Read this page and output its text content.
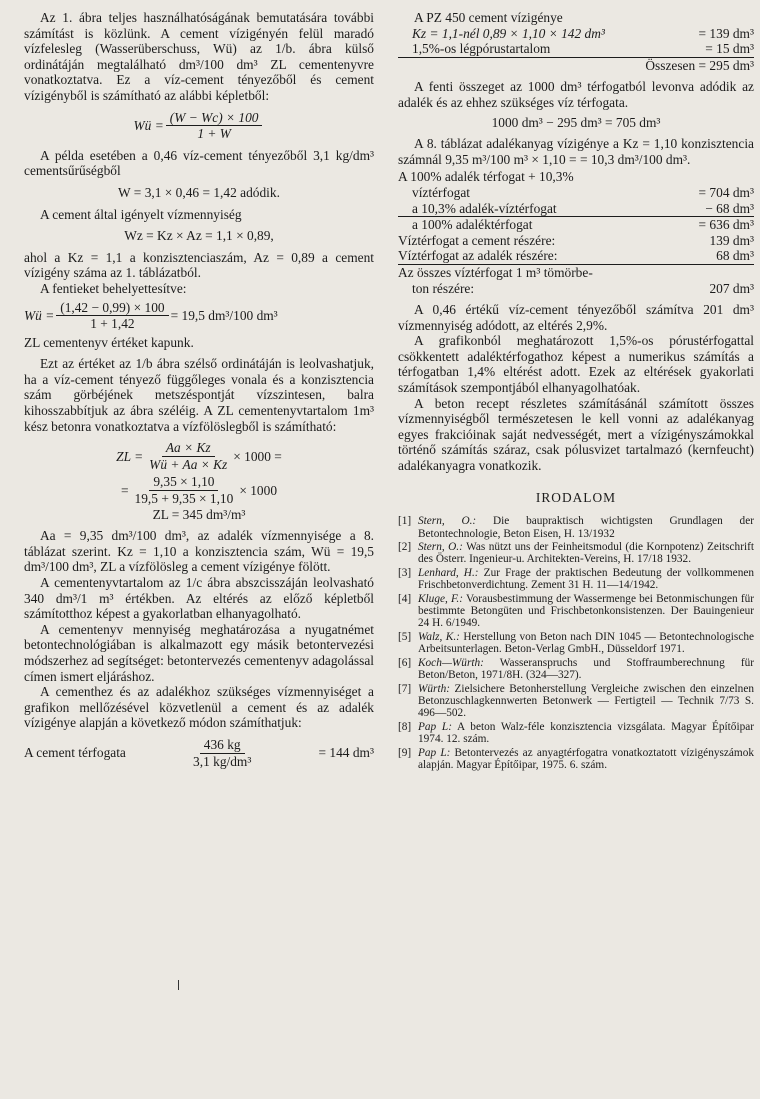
Az 1. ábra teljes használhatóságának bemutatására további számítást is közlünk. A cement vízigényén felül maradó vízfelesleg (Wasserüberschuss, Wü) az 1/b. ábra külső ordinátáján megtalálható dm³/100 dm³ ZL cementenyvre vonatkoztatva. Ez a víz-cement tényezőből és cement vízigényből is számítható az alábbi képletből:

Wü = $\frac{(W - Wc) \times 100}{1 + W}$

A példa esetében a 0,46 víz-cement tényezőből 3,1 kg/dm³ cementsűrűségből

W = 3,1 × 0,46 = 1,42 adódik.

A cement által igényelt vízmennyiség

Wz = Kz × Az = 1,1 × 0,89,

ahol a Kz = 1,1 a konzisztenciaszám, Az = 0,89 a cement vízigény száma az 1. táblázatból.

A fentieket behelyettesítve:

Wü = $\frac{(1,42 - 0,99) \times 100}{1 + 1,42} = 19,5$ dm³/100 dm³

ZL cementenyv értéket kapunk.

Ezt az értéket az 1/b ábra szélső ordinátáján is leolvashatjuk, ha a víz-cement tényező függőleges vonala és a konzisztencia szám görbéjének metszéspontját vízszintesen, balra kihosszabbítjuk az ábra széléig. A ZL cementenyvtartalom 1m³ kész betonra vonatkoztatva a vízfölöslegből is számítható:

ZL = $\frac{Aa \times Kz}{Wü + Aa \times Kz} \times 1000$ =
= $\frac{9,35 \times 1,10}{19,5 + 9,35 \times 1,10} \times 1000$

ZL = 345 dm³/m³

Aa = 9,35 dm³/100 dm³, az adalék vízmennyisége a 8. táblázat szerint. Kz = 1,10 a konzisztencia szám, Wü = 19,5 dm³/100 dm³, ZL a vízfölösleg a cement vízigénye fölött.

A cementenyvtartalom az 1/c ábra abszcisszáján leolvasható 340 dm³/1 m³ értékben. Az eltérés az előző képletből számítotthoz képest a gyakorlatban elhanyagolható.

A cementenyv mennyiség meghatározása a nyugatnémet betontechnológiában is alkalmazott egy másik betontervezési módszerhez ad segítséget: betontervezés cementenyv adagolással címen ismert eljáráshoz.

A cementhez és az adalékhoz szükséges vízmennyiséget a grafikon mellőzésével közvetlenül a cement és az adalék vízigénye alapján a következő módon számíthatjuk:

A cement térfogata	$\frac{436 kg}{\text{3,1 kg/dm³}}$	= 144 dm³

A PZ 450 cement vízigénye

Kz = 1,1-nél 0,89 × 1,10 × 142 dm³	= 139 dm³
1,5%-os légpórustartalom	= 15 dm³

Összesen = 295 dm³

A fenti összeget az 1000 dm³ térfogatból levonva adódik az adalék és az ehhez szükséges víz térfogata.

1000 dm³ − 295 dm³ = 705 dm³

A 8. táblázat adalékanyag vízigénye a Kz = 1,10 konzisztencia számnál 9,35 m³/100 m³ × 1,10 = = 10,3 dm³/100 dm³.

A 100% adalék térfogat + 10,3%

víztérfogat	= 704 dm³
a 10,3% adalék-víztérfogat	− 68 dm³
a 100% adaléktérfogat	= 636 dm³
Víztérfogat a cement részére:	139 dm³
Víztérfogat az adalék részére:	68 dm³

Az összes víztérfogat 1 m³ tömörbe-

ton részére:	207 dm³

A 0,46 értékű víz-cement tényezőből számítva 201 dm³ vízmennyiség adódott, az eltérés 2,9%.

A grafikonból meghatározott 1,5%-os pórustérfogattal csökkentett adaléktérfogathoz képest a numerikus számítás a térfogatban 1,4% eltérést adott. Ezek az eltérések gyakorlati számítások szempontjából elhanyagolhatóak.

A beton recept részletes számításánál számított összes vízmennyiségből természetesen le kell vonni az adalékanyag egyes frakcióinak saját nedvességét, mert a vízigényszámokkal történő számítás száraz, csak pólusvizet tartalmazó (kernfeucht) adalékanyagra vonatkozik.

IRODALOM
[1] Stern, O.: Die baupraktisch wichtigsten Grundlagen der Betontechnologie, Beton Eisen, H. 13/1932
[2] Stern, O.: Was nützt uns der Feinheitsmodul (die Kornpotenz) Zeitschrift des Österr. Ingenieur-u. Architekten-Vereins, H. 17/18 1932.
[3] Lenhard, H.: Zur Frage der praktischen Bedeutung der vollkommenen Frischbetonverdichtung. Zement 31 H. 11—14/1942.
[4] Kluge, F.: Vorausbestimmung der Wassermenge bei Betonmischungen für bestimmte Betongüten und Frischbetonkonsistenzen. Der Bauingenieur 24 H. 6/1949.
[5] Walz, K.: Herstellung von Beton nach DIN 1045 — Betontechnologische Arbeitsunterlagen. Beton-Verlag GmbH., Düsseldorf 1971.
[6] Koch—Würth: Wasseranspruchs und Stoffraumberechnung für Beton/Beton, 1971/8H. (324—327).
[7] Würth: Zielsichere Betonherstellung Vergleiche zwischen den einzelnen Betonzuschlagkennwerten Betonwerk — Fertigteil — Technik 7/73 S. 496—502.
[8] Pap L: A beton Walz-féle konzisztencia vizsgálata. Magyar Építőipar 1974. 12. szám.
[9] Pap L: Betontervezés az anyagtérfogatra vonatkoztatott vízigényszámok alapján. Magyar Építőipar, 1975. 6. szám.
